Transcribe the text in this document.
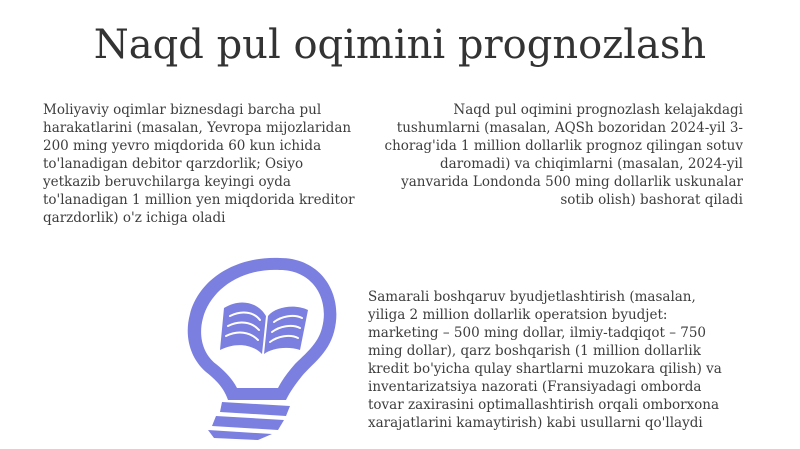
Naqd pul oqimini prognozlash

Moliyaviy oqimlar biznesdagi barcha pul harakatlarini (masalan, Yevropa mijozlaridan 200 ming yevro miqdorida 60 kun ichida to'lanadigan debitor qarzdorlik; Osiyo yetkazib beruvchilarga keyingi oyda to'lanadigan 1 million yen miqdorida kreditor qarzdorlik) o'z ichiga oladi

Naqd pul oqimini prognozlash kelajakdagi tushumlarni (masalan, AQSh bozoridan 2024-yil 3-chorag'ida 1 million dollarlik prognoz qilingan sotuv daromadi) va chiqimlarni (masalan, 2024-yil yanvarida Londonda 500 ming dollarlik uskunalar sotib olish) bashorat qiladi

Samarali boshqaruv byudjetlashtirish (masalan, yiliga 2 million dollarlik operatsion byudjet: marketing – 500 ming dollar, ilmiy-tadqiqot – 750 ming dollar), qarz boshqarish (1 million dollarlik kredit bo'yicha qulay shartlarni muzokara qilish) va inventarizatsiya nazorati (Fransiyadagi omborda tovar zaxirasini optimallashtirish orqali omborxona xarajatlarini kamaytirish) kabi usullarni qo'llaydi
